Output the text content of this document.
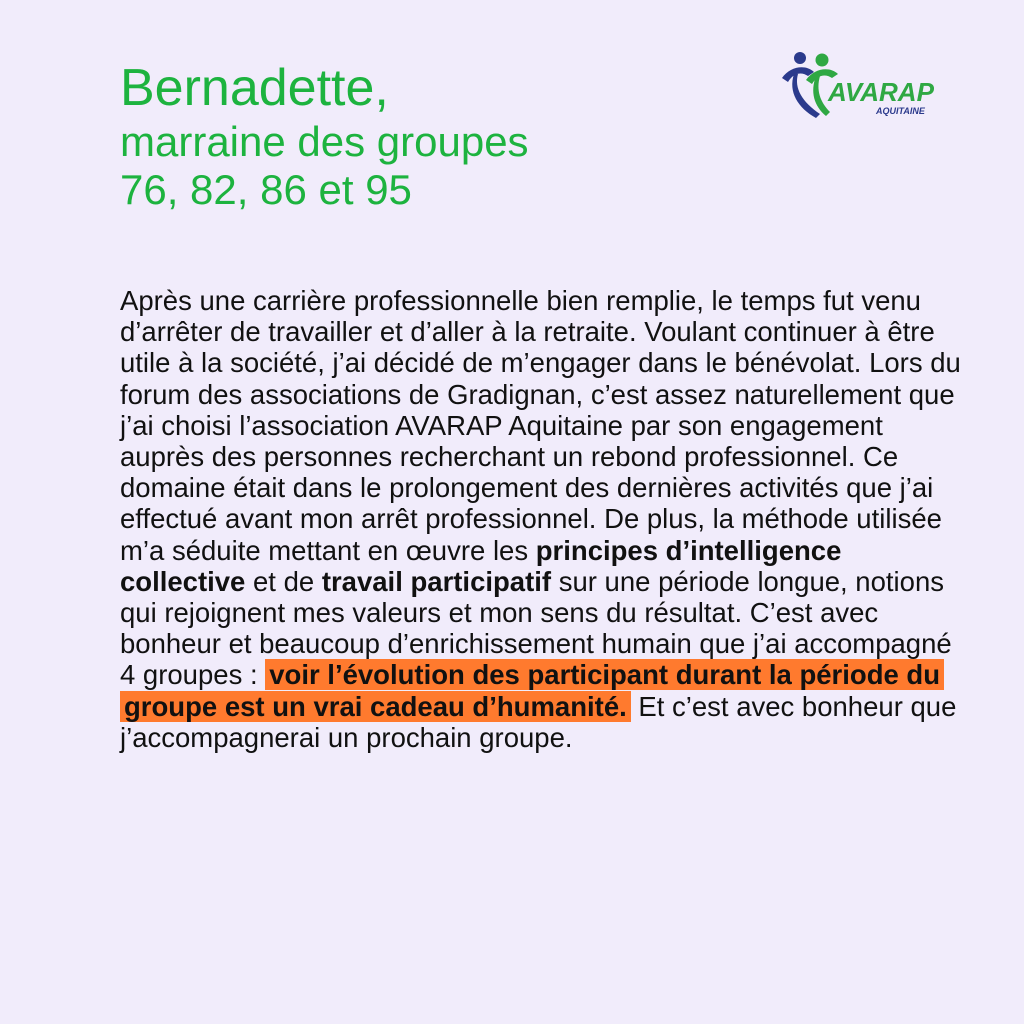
Bernadette,
marraine des groupes
76, 82, 86 et 95
AVARAP
AQUITAINE

Après une carrière professionnelle bien remplie, le temps fut venu d’arrêter de travailler et d’aller à la retraite. Voulant continuer à être utile à la société, j’ai décidé de m’engager dans le bénévolat. Lors du forum des associations de Gradignan, c’est assez naturellement que j’ai choisi l’association AVARAP Aquitaine par son engagement auprès des personnes recherchant un rebond professionnel. Ce domaine était dans le prolongement des dernières activités que j’ai effectué avant mon arrêt professionnel. De plus, la méthode utilisée m’a séduite mettant en œuvre les principes d’intelligence collective et de travail participatif sur une période longue, notions qui rejoignent mes valeurs et mon sens du résultat. C’est avec bonheur et beaucoup d’enrichissement humain que j’ai accompagné 4 groupes : voir l’évolution des participant durant la période du groupe est un vrai cadeau d’humanité. Et c’est avec bonheur que j’accompagnerai un prochain groupe.
